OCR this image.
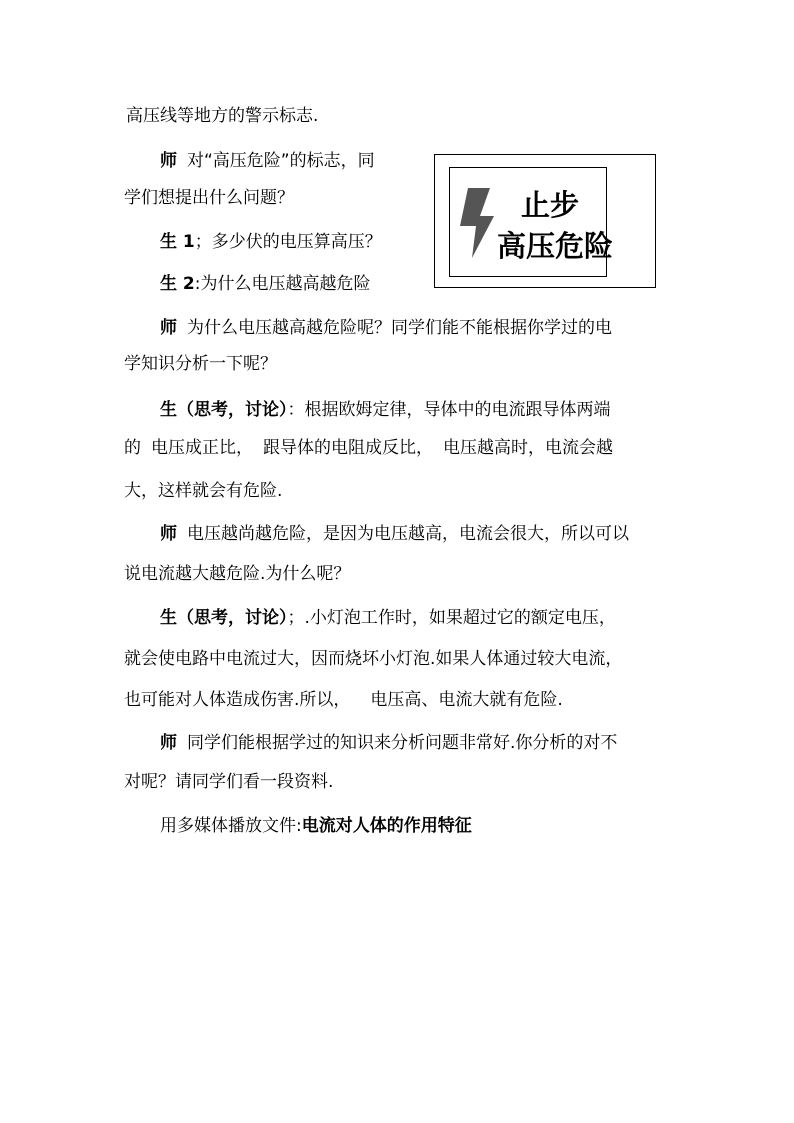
高压线等地方的警示标志.
师 对“高压危险”的标志，同
学们想提出什么问题？
生 1；多少伏的电压算高压？
生 2:为什么电压越高越危险
止步
高压危险
师 为什么电压越高越危险呢？同学们能不能根据你学过的电
学知识分析一下呢？
生（思考，讨论）：根据欧姆定律，导体中的电流跟导体两端
的 电压成正比， 跟导体的电阻成反比， 电压越高时，电流会越
大，这样就会有危险.
师 电压越尚越危险，是因为电压越高，电流会很大，所以可以
说电流越大越危险.为什么呢？
生（思考，讨论）；.小灯泡工作时，如果超过它的额定电压，
就会使电路中电流过大，因而烧坏小灯泡.如果人体通过较大电流，
也可能对人体造成伤害.所以， 电压高、电流大就有危险.
师 同学们能根据学过的知识来分析问题非常好.你分析的对不
对呢？请同学们看一段资料.
用多媒体播放文件:电流对人体的作用特征
